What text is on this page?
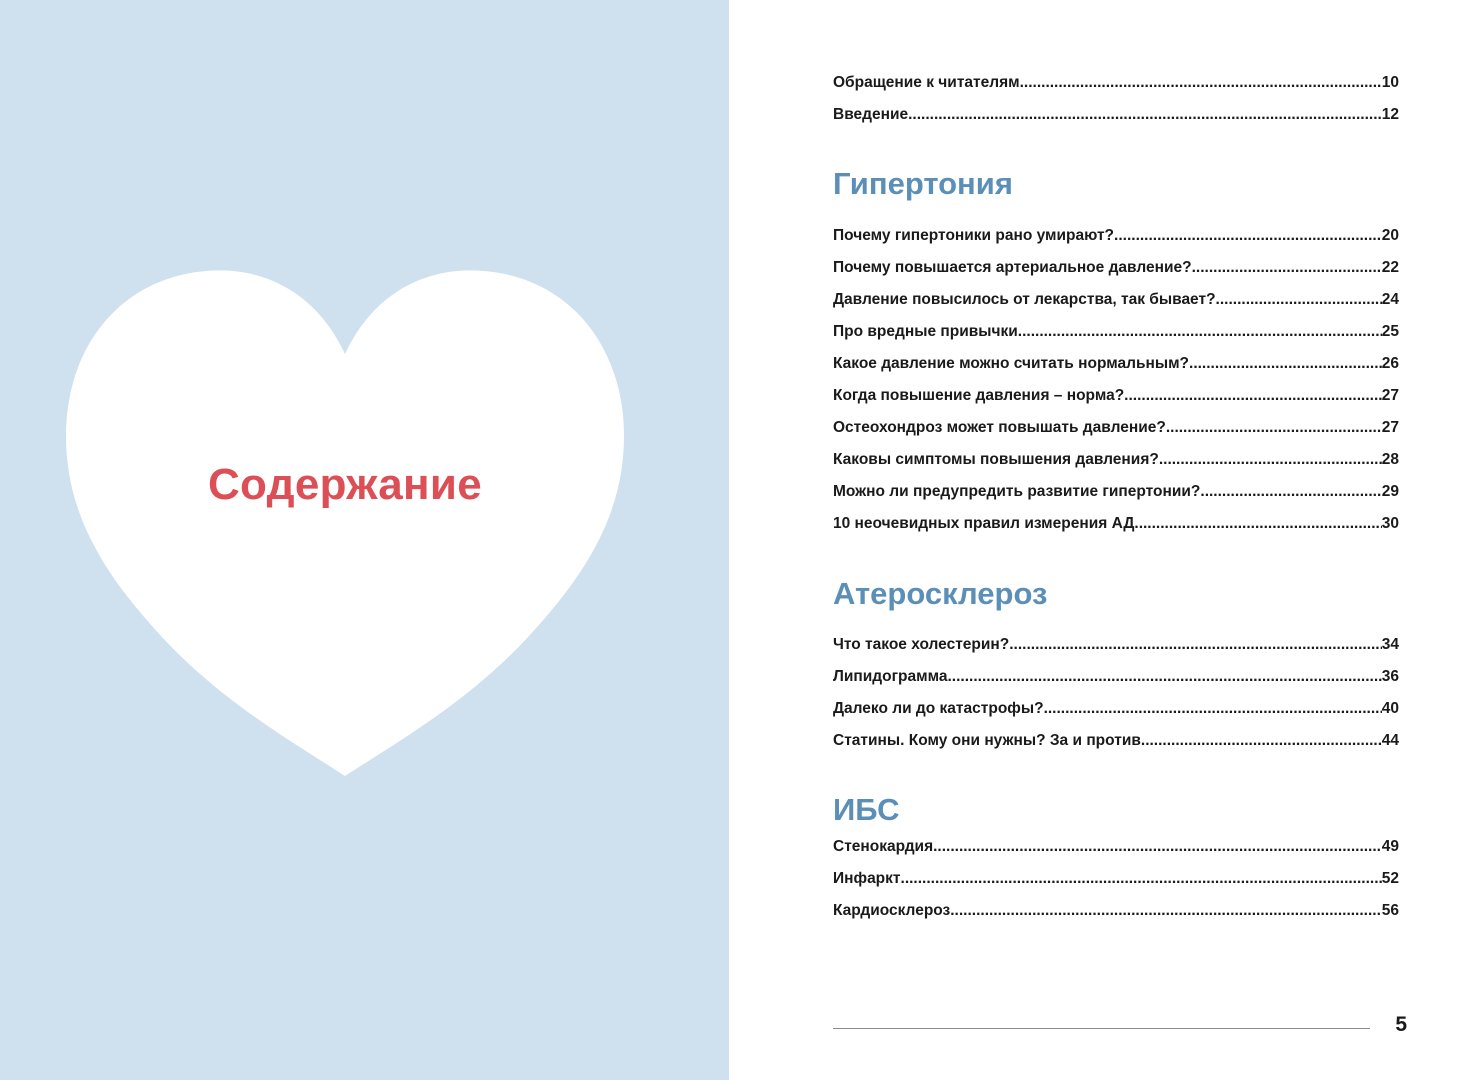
Содержание
Обращение к читателям .....	10
Введение .....	12
Гипертония
Почему гипертоники рано умирают? .....	20
Почему повышается артериальное давление? .....	22
Давление повысилось от лекарства, так бывает? .....	24
Про вредные привычки .....	25
Какое давление можно считать нормальным? .....	26
Когда повышение давления – норма? .....	27
Остеохондроз может повышать давление? .....	27
Каковы симптомы повышения давления? .....	28
Можно ли предупредить развитие гипертонии? .....	29
10 неочевидных правил измерения АД .....	30
Атеросклероз
Что такое холестерин? .....	34
Липидограмма .....	36
Далеко ли до катастрофы? .....	40
Статины. Кому они нужны? За и против .....	44
ИБС
Стенокардия .....	49
Инфаркт .....	52
Кардиосклероз .....	56
5
